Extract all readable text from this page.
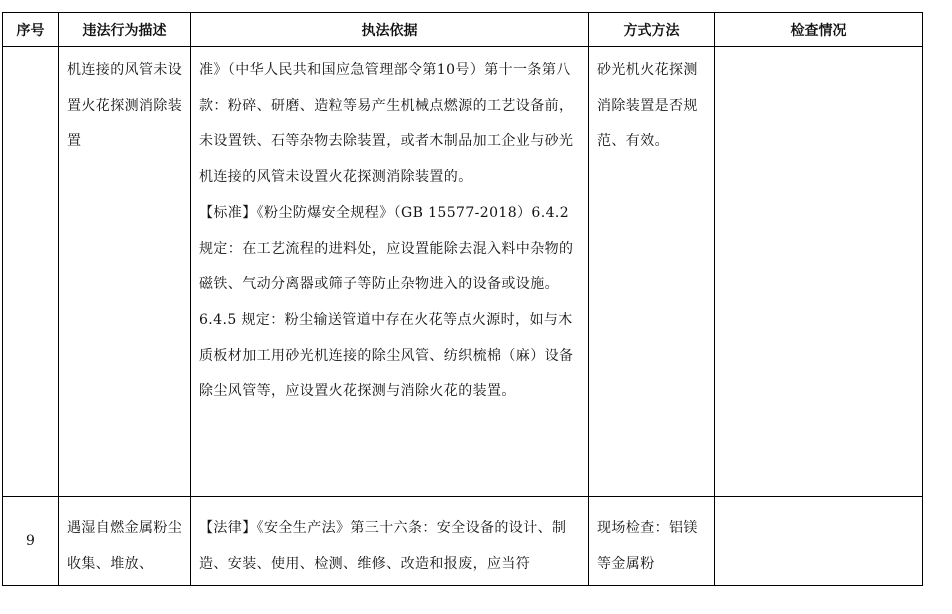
序号	违法行为描述	执法依据	方式方法	检查情况

	机连接的风管未设置火花探测消除装置	准》（中华人民共和国应急管理部令第10号）第十一条第八款：粉碎、研磨、造粒等易产生机械点燃源的工艺设备前，未设置铁、石等杂物去除装置，或者木制品加工企业与砂光机连接的风管未设置火花探测消除装置的。
【标准】《粉尘防爆安全规程》（GB 15577-2018）6.4.2规定：在工艺流程的进料处，应设置能除去混入料中杂物的磁铁、气动分离器或筛子等防止杂物进入的设备或设施。
6.4.5 规定：粉尘输送管道中存在火花等点火源时，如与木质板材加工用砂光机连接的除尘风管、纺织梳棉（麻）设备除尘风管等，应设置火花探测与消除火花的装置。	砂光机火花探测消除装置是否规范、有效。	

9	遇湿自燃金属粉尘收集、堆放、	【法律】《安全生产法》第三十六条：安全设备的设计、制造、安装、使用、检测、维修、改造和报废，应当符	现场检查：铝镁等金属粉	
